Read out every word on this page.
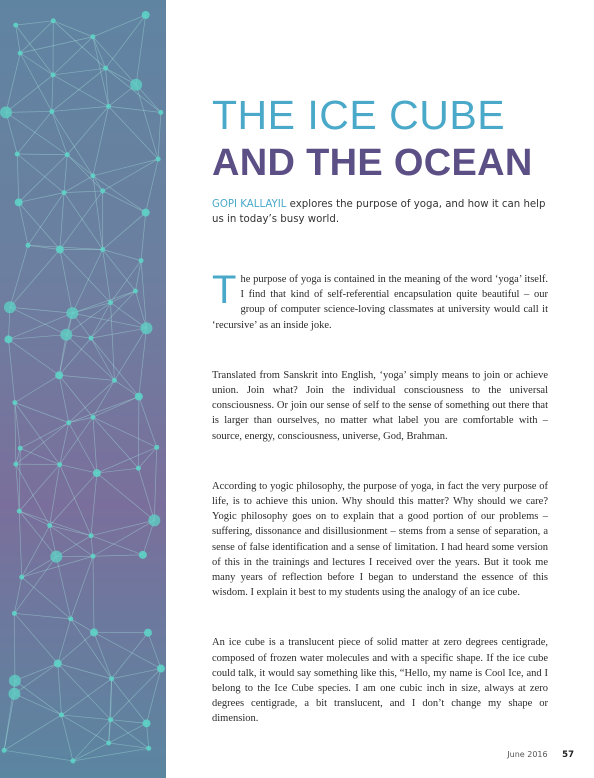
THE ICE CUBE
AND THE OCEAN
GOPI KALLAYIL explores the purpose of yoga, and how it can help us in today’s busy world.

The purpose of yoga is contained in the meaning of the word ‘yoga’ itself. I find that kind of self-referential encapsulation quite beautiful – our group of computer science-loving classmates at university would call it ‘recursive’ as an inside joke.

Translated from Sanskrit into English, ‘yoga’ simply means to join or achieve union. Join what? Join the individual consciousness to the universal consciousness. Or join our sense of self to the sense of something out there that is larger than ourselves, no matter what label you are comfortable with – source, energy, consciousness, universe, God, Brahman.

According to yogic philosophy, the purpose of yoga, in fact the very purpose of life, is to achieve this union. Why should this matter? Why should we care? Yogic philosophy goes on to explain that a good portion of our problems – suffering, dissonance and disillusionment – stems from a sense of separation, a sense of false identification and a sense of limitation. I had heard some version of this in the trainings and lectures I received over the years. But it took me many years of reflection before I began to understand the essence of this wisdom. I explain it best to my students using the analogy of an ice cube.

An ice cube is a translucent piece of solid matter at zero degrees centigrade, composed of frozen water molecules and with a specific shape. If the ice cube could talk, it would say something like this, “Hello, my name is Cool Ice, and I belong to the Ice Cube species. I am one cubic inch in size, always at zero degrees centigrade, a bit translucent, and I don’t change my shape or dimension.

June 2016 57
